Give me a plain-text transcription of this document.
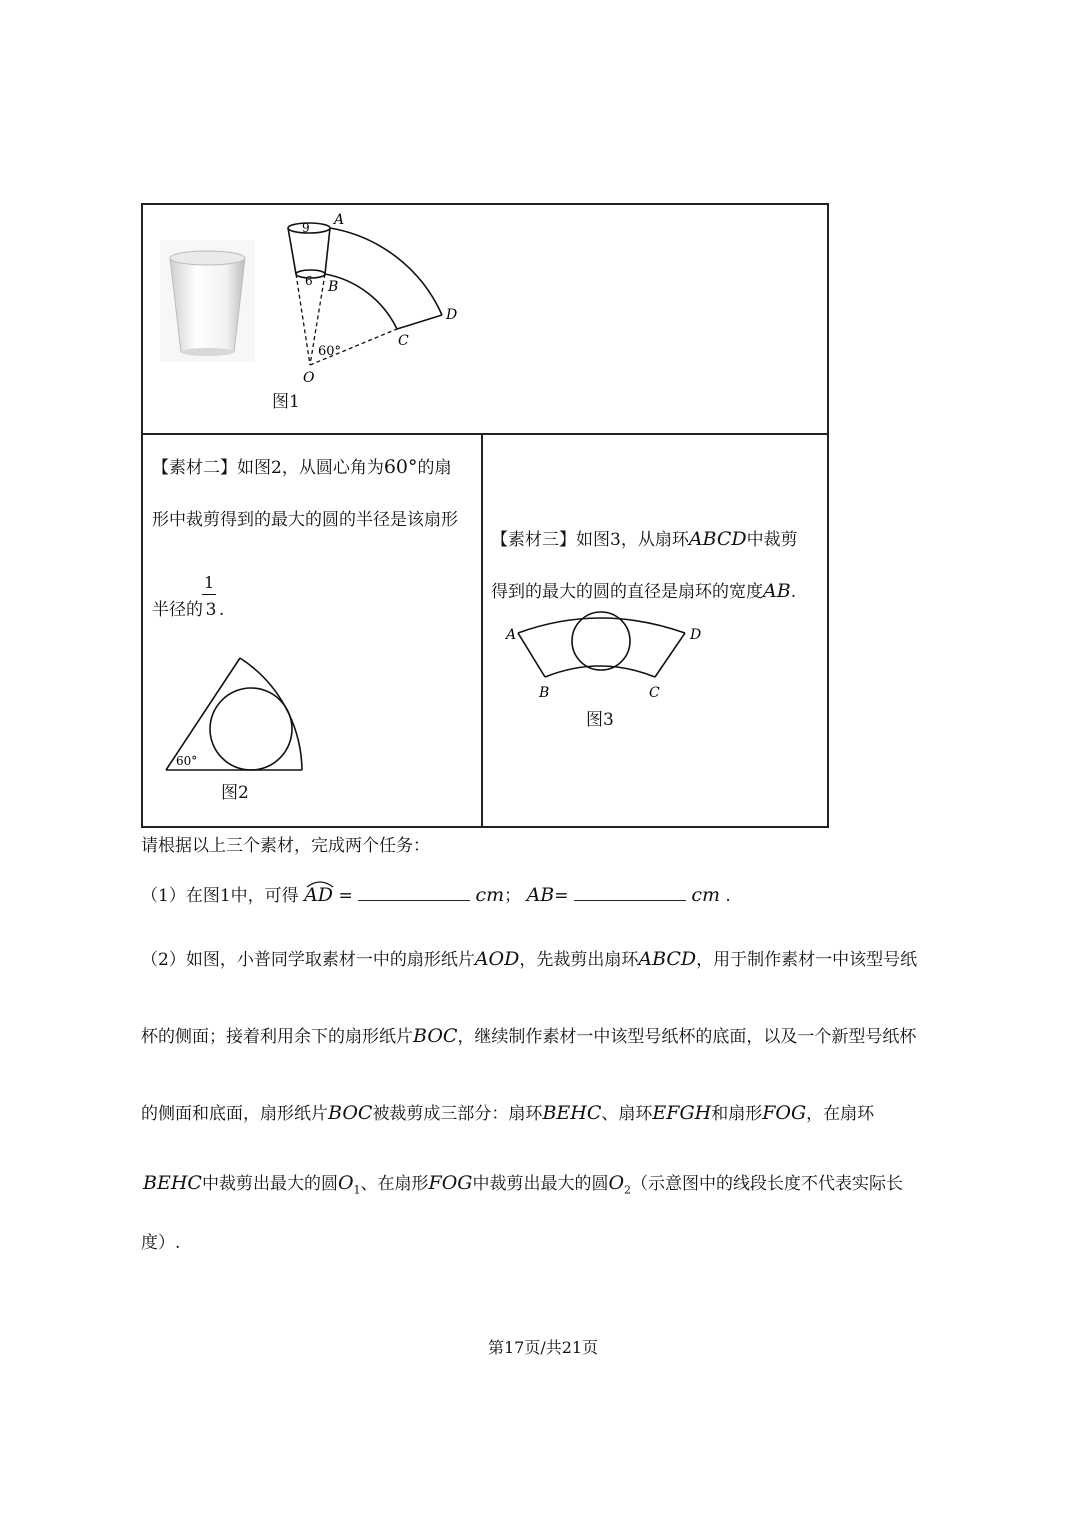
9
6
A
B
C
D
O
60°
图1
【素材二】如图2，从圆心角为60°的扇
形中裁剪得到的最大的圆的半径是该扇形
1
半径的 3 .
60°
图2
【素材三】如图3，从扇环ABCD中裁剪
得到的最大的圆的直径是扇环的宽度AB.
A	D
B	C
图3
请根据以上三个素材，完成两个任务：
（1）在图1中，可得 AD =	cm； AB=	cm .
（2）如图，小普同学取素材一中的扇形纸片AOD，先裁剪出扇环ABCD，用于制作素材一中该型号纸
杯的侧面；接着利用余下的扇形纸片BOC，继续制作素材一中该型号纸杯的底面，以及一个新型号纸杯
的侧面和底面，扇形纸片BOC被裁剪成三部分：扇环BEHC、扇环EFGH和扇形FOG，在扇环
BEHC中裁剪出最大的圆$O_1$、在扇形FOG中裁剪出最大的圆$O_2$（示意图中的线段长度不代表实际长
度）.
第17页/共21页
